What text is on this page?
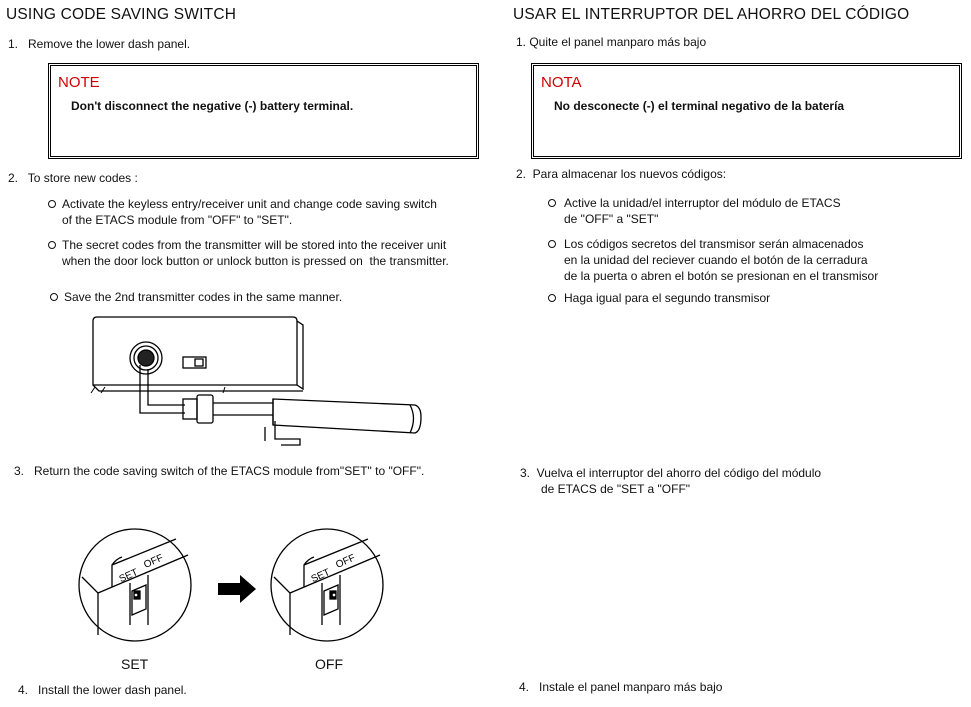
USING CODE SAVING SWITCH
1.   Remove the lower dash panel.
NOTE
Don't disconnect the negative (-) battery terminal.
2.   To store new codes :
Activate the keyless entry/receiver unit and change code saving switch
of the ETACS module from "OFF" to "SET".
The secret codes from the transmitter will be stored into the receiver unit
when the door lock button or unlock button is pressed on  the transmitter.
Save the 2nd transmitter codes in the same manner.
3.   Return the code saving switch of the ETACS module from"SET" to "OFF".
SET
OFF
SET
OFF
SET	OFF
4.   Install the lower dash panel.
USAR EL INTERRUPTOR DEL AHORRO DEL CÓDIGO
1. Quite el panel manparo más bajo
NOTA
No desconecte (-) el terminal negativo de la batería
2.  Para almacenar los nuevos códigos:
Active la unidad/el interruptor del módulo de ETACS
de "OFF" a "SET"
Los códigos secretos del transmisor serán almacenados
en la unidad del reciever cuando el botón de la cerradura
de la puerta o abren el botón se presionan en el transmisor
Haga igual para el segundo transmisor
3.  Vuelva el interruptor del ahorro del código del módulo
de ETACS de "SET a "OFF"
4.   Instale el panel manparo más bajo
